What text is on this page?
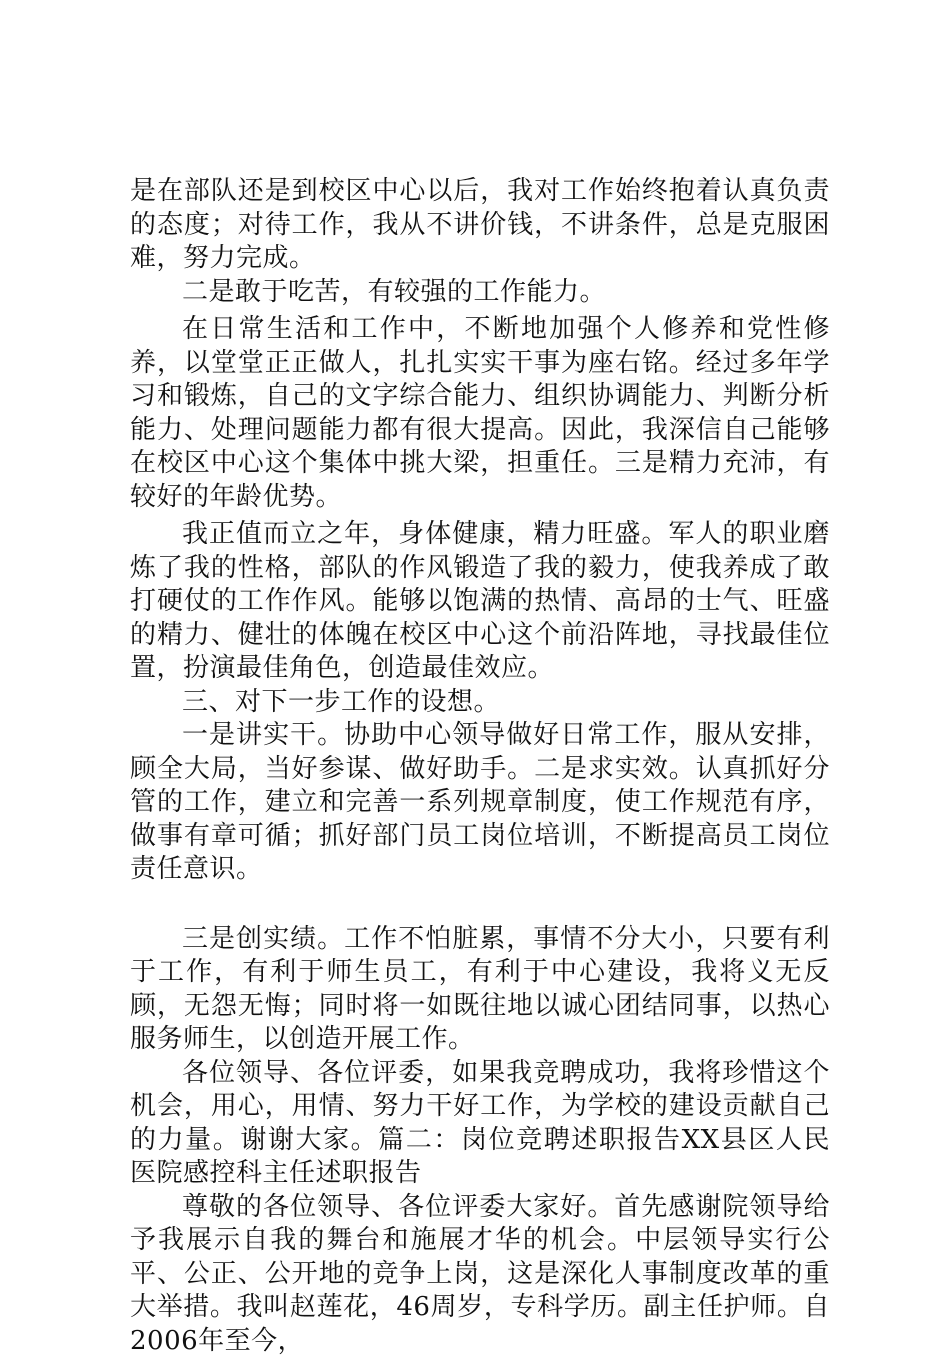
是在部队还是到校区中心以后，我对工作始终抱着认真负责的态度；对待工作，我从不讲价钱，不讲条件，总是克服困难，努力完成。

二是敢于吃苦，有较强的工作能力。

在日常生活和工作中，不断地加强个人修养和党性修养，以堂堂正正做人，扎扎实实干事为座右铭。经过多年学习和锻炼，自己的文字综合能力、组织协调能力、判断分析能力、处理问题能力都有很大提高。因此，我深信自己能够在校区中心这个集体中挑大梁，担重任。三是精力充沛，有较好的年龄优势。

我正值而立之年，身体健康，精力旺盛。军人的职业磨炼了我的性格，部队的作风锻造了我的毅力，使我养成了敢打硬仗的工作作风。能够以饱满的热情、高昂的士气、旺盛的精力、健壮的体魄在校区中心这个前沿阵地，寻找最佳位置，扮演最佳角色，创造最佳效应。

三、对下一步工作的设想。

一是讲实干。协助中心领导做好日常工作，服从安排，顾全大局，当好参谋、做好助手。二是求实效。认真抓好分管的工作，建立和完善一系列规章制度，使工作规范有序，做事有章可循；抓好部门员工岗位培训，不断提高员工岗位责任意识。

三是创实绩。工作不怕脏累，事情不分大小，只要有利于工作，有利于师生员工，有利于中心建设，我将义无反顾，无怨无悔；同时将一如既往地以诚心团结同事，以热心服务师生，以创造开展工作。

各位领导、各位评委，如果我竞聘成功，我将珍惜这个机会，用心，用情、努力干好工作，为学校的建设贡献自己的力量。谢谢大家。篇二：岗位竞聘述职报告XX县区人民医院感控科主任述职报告

尊敬的各位领导、各位评委大家好。首先感谢院领导给予我展示自我的舞台和施展才华的机会。中层领导实行公平、公正、公开地的竞争上岗，这是深化人事制度改革的重大举措。我叫赵莲花，46周岁，专科学历。副主任护师。自2006年至今，
